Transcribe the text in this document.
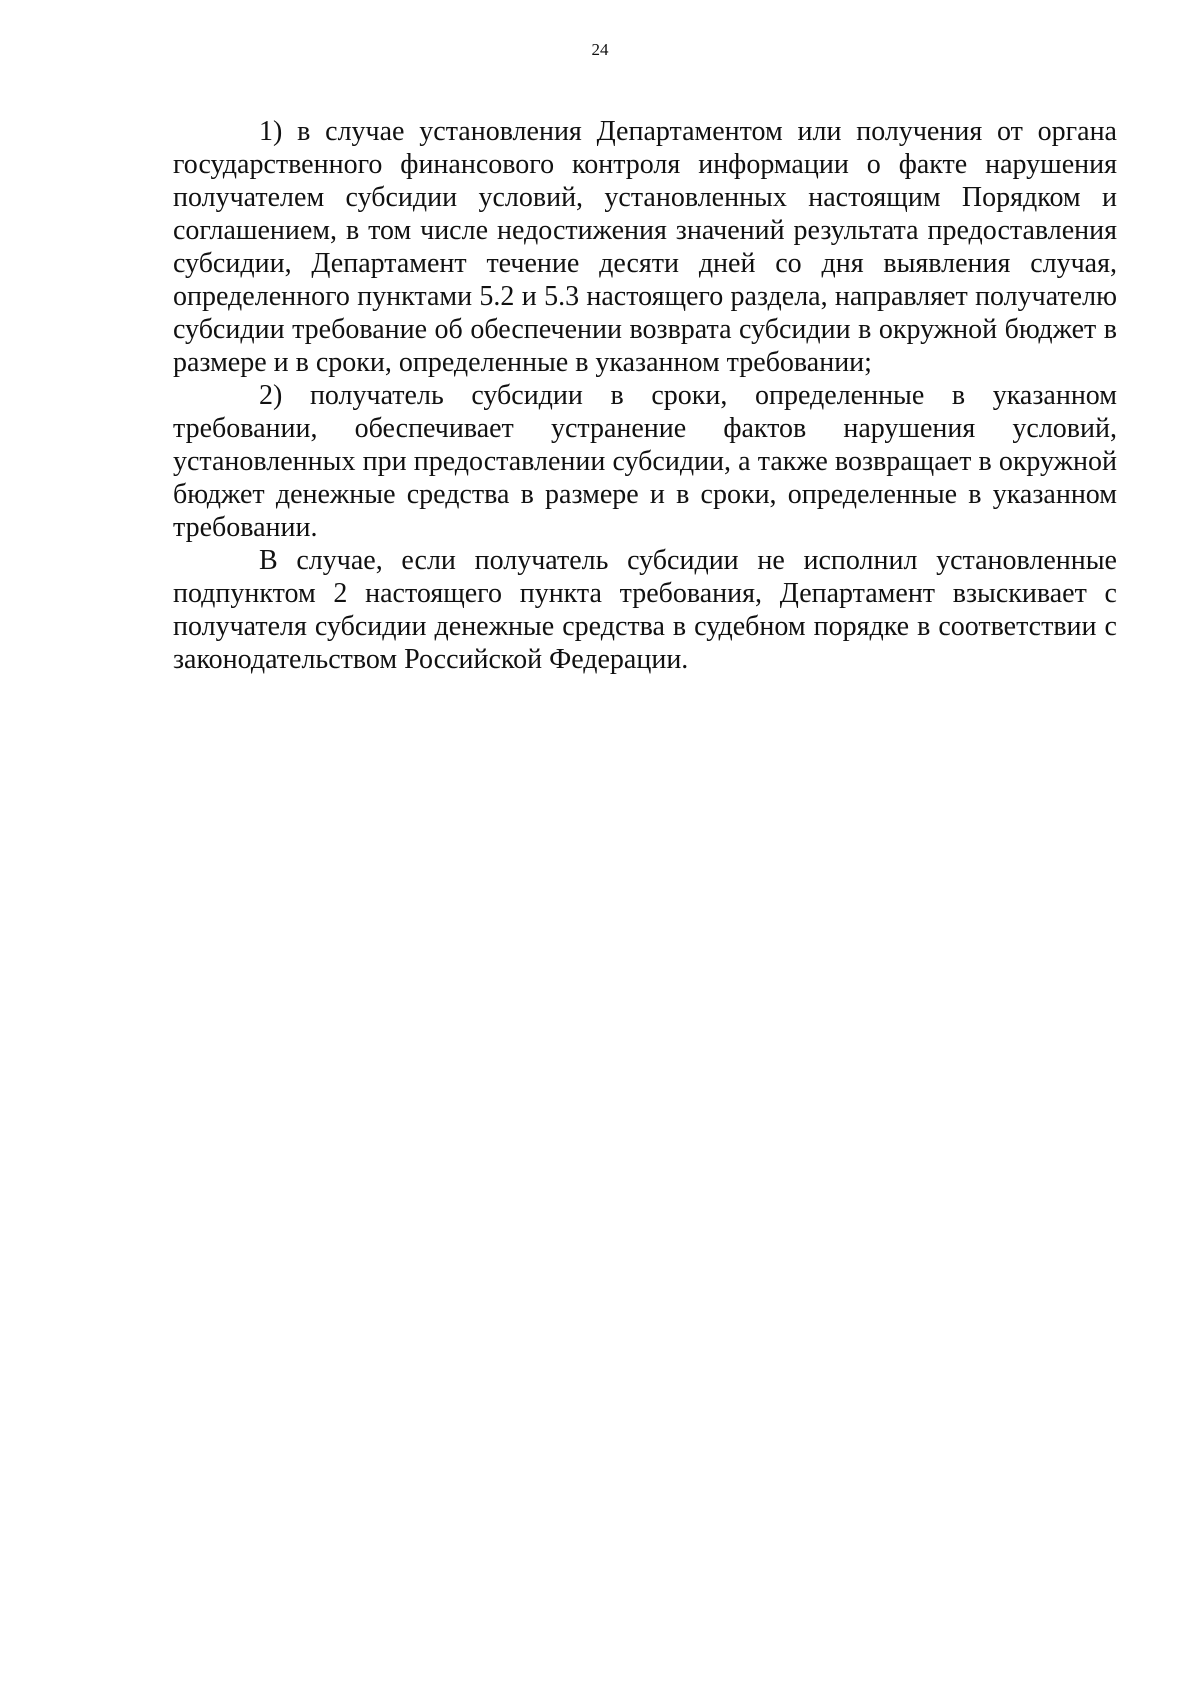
24

1) в случае установления Департаментом или получения от органа государственного финансового контроля информации о факте нарушения получателем субсидии условий, установленных настоящим Порядком и соглашением, в том числе недостижения значений результата предоставления субсидии, Департамент течение десяти дней со дня выявления случая, определенного пунктами 5.2 и 5.3 настоящего раздела, направляет получателю субсидии требование об обеспечении возврата субсидии в окружной бюджет в размере и в сроки, определенные в указанном требовании;

2) получатель субсидии в сроки, определенные в указанном требовании, обеспечивает устранение фактов нарушения условий, установленных при предоставлении субсидии, а также возвращает в окружной бюджет денежные средства в размере и в сроки, определенные в указанном требовании.

В случае, если получатель субсидии не исполнил установленные подпунктом 2 настоящего пункта требования, Департамент взыскивает с получателя субсидии денежные средства в судебном порядке в соответствии с законодательством Российской Федерации.
